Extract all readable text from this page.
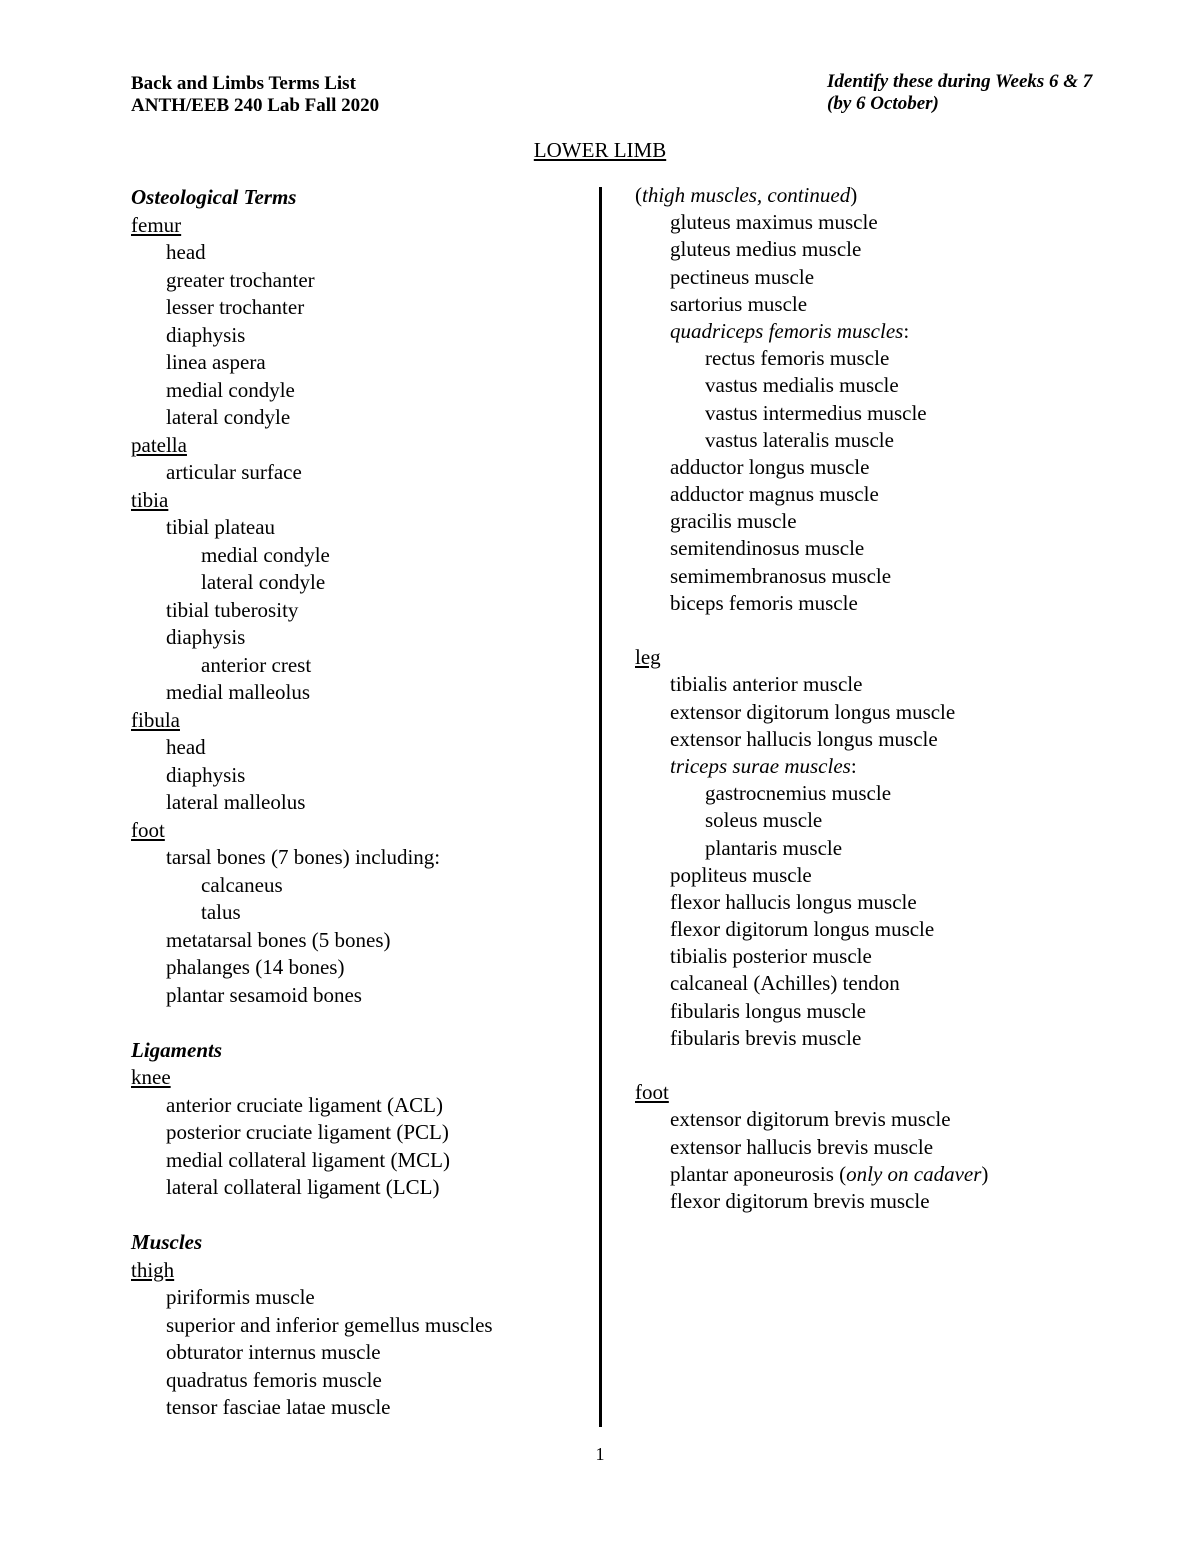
Back and Limbs Terms List
ANTH/EEB 240 Lab Fall 2020
Identify these during Weeks 6 & 7
(by 6 October)
LOWER LIMB
Osteological Terms
femur
head
greater trochanter
lesser trochanter
diaphysis
linea aspera
medial condyle
lateral condyle
patella
articular surface
tibia
tibial plateau
medial condyle
lateral condyle
tibial tuberosity
diaphysis
anterior crest
medial malleolus
fibula
head
diaphysis
lateral malleolus
foot
tarsal bones (7 bones) including:
calcaneus
talus
metatarsal bones (5 bones)
phalanges (14 bones)
plantar sesamoid bones
Ligaments
knee
anterior cruciate ligament (ACL)
posterior cruciate ligament (PCL)
medial collateral ligament (MCL)
lateral collateral ligament (LCL)
Muscles
thigh
piriformis muscle
superior and inferior gemellus muscles
obturator internus muscle
quadratus femoris muscle
tensor fasciae latae muscle
(thigh muscles, continued)
gluteus maximus muscle
gluteus medius muscle
pectineus muscle
sartorius muscle
quadriceps femoris muscles:
rectus femoris muscle
vastus medialis muscle
vastus intermedius muscle
vastus lateralis muscle
adductor longus muscle
adductor magnus muscle
gracilis muscle
semitendinosus muscle
semimembranosus muscle
biceps femoris muscle
leg
tibialis anterior muscle
extensor digitorum longus muscle
extensor hallucis longus muscle
triceps surae muscles:
gastrocnemius muscle
soleus muscle
plantaris muscle
popliteus muscle
flexor hallucis longus muscle
flexor digitorum longus muscle
tibialis posterior muscle
calcaneal (Achilles) tendon
fibularis longus muscle
fibularis brevis muscle
foot
extensor digitorum brevis muscle
extensor hallucis brevis muscle
plantar aponeurosis (only on cadaver)
flexor digitorum brevis muscle
1
